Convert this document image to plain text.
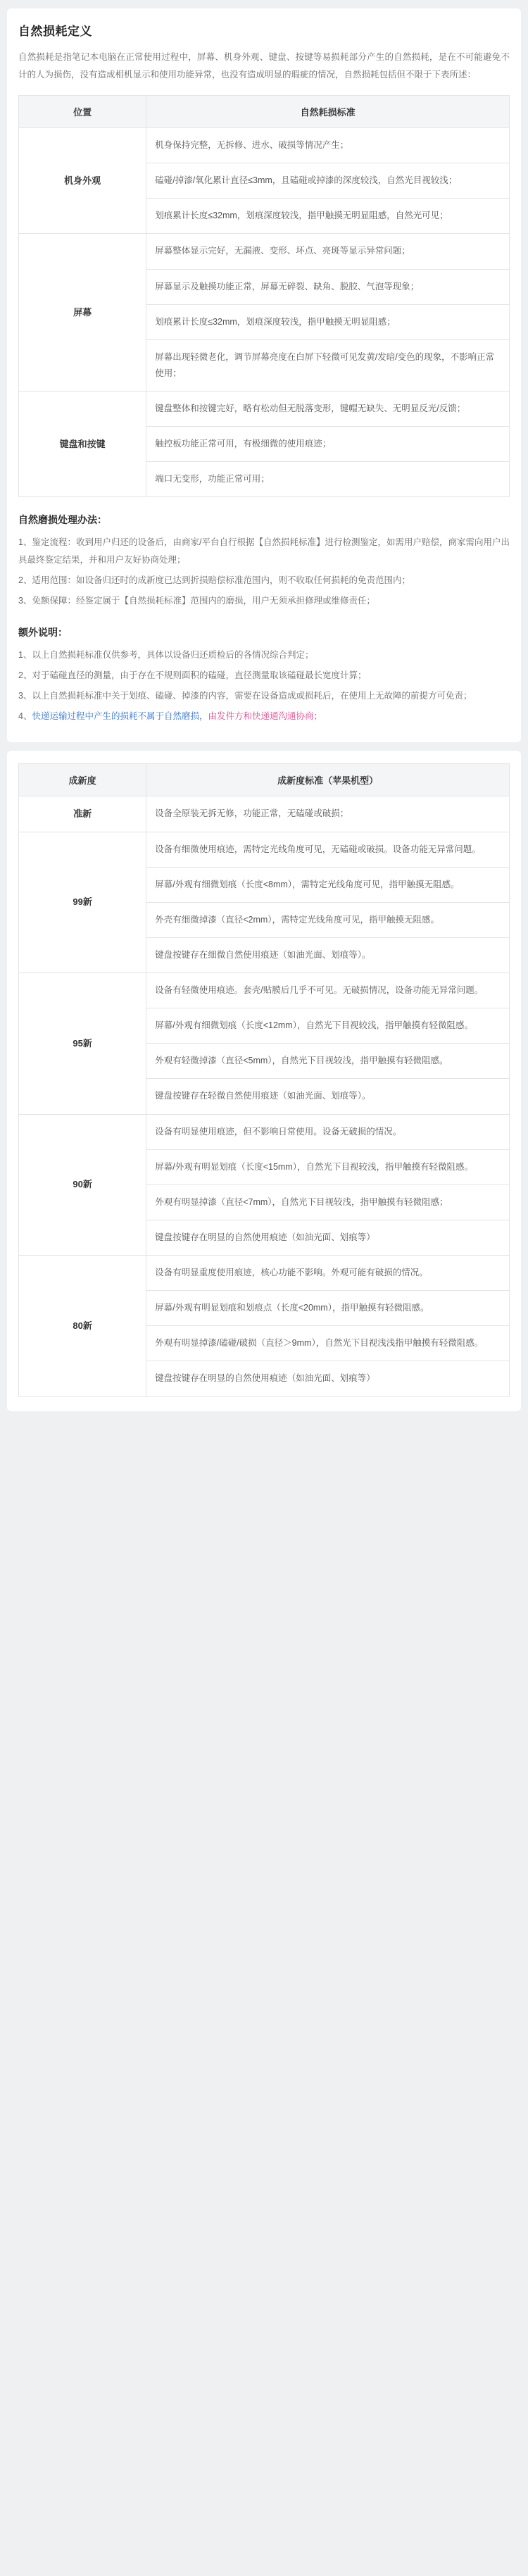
自然损耗定义

自然损耗是指笔记本电脑在正常使用过程中，屏幕、机身外观、键盘、按键等易损耗部分产生的自然损耗，是在不可能避免不计的人为损伤，没有造成相机显示和使用功能异常，也没有造成明显的瑕疵的情况，自然损耗包括但不限于下表所述：

位置	自然耗损标准
机身外观	机身保持完整，无拆修、进水、破损等情况产生；
	磕碰/掉漆/氧化累计直径≤3mm，且磕碰或掉漆的深度较浅，自然光目视较浅；
	划痕累计长度≤32mm，划痕深度较浅，指甲触摸无明显阻感，自然光可见；
屏幕	屏幕整体显示完好，无漏液、变形、坏点、亮斑等显示异常问题；
	屏幕显示及触摸功能正常，屏幕无碎裂、缺角、脱胶、气泡等现象；
	划痕累计长度≤32mm，划痕深度较浅，指甲触摸无明显阻感；
	屏幕出现轻微老化，调节屏幕亮度在白屏下轻微可见发黄/发暗/变色的现象，不影响正常使用；
键盘和按键	键盘整体和按键完好，略有松动但无脱落变形，键帽无缺失、无明显反光/反馈；
	触控板功能正常可用，有极细微的使用痕迹；
	端口无变形，功能正常可用；
自然磨损处理办法：
1、鉴定流程：收到用户归还的设备后，由商家/平台自行根据【自然损耗标准】进行检测鉴定，如需用户赔偿，商家需向用户出具最终鉴定结果，并和用户友好协商处理；
2、适用范围：如设备归还时的成新度已达到折损赔偿标准范围内，则不收取任何损耗的免责范围内；
3、免额保障：经鉴定属于【自然损耗标准】范围内的磨损，用户无须承担修理或维修责任；
额外说明：
1、以上自然损耗标准仅供参考，具体以设备归还质检后的各情况综合判定；
2、对于磕碰直径的测量，由于存在不规则面积的磕碰，直径测量取该磕碰最长宽度计算；
3、以上自然损耗标准中关于划痕、磕碰、掉漆的内容，需要在设备造成或损耗后，在使用上无故障的前提方可免责；
4、快递运输过程中产生的损耗不属于自然磨损，由发件方和快递通沟通协商；
成新度	成新度标准（苹果机型）
准新	设备全原装无拆无修，功能正常，无磕碰或破损；
99新	设备有细微使用痕迹，需特定光线角度可见，无磕碰或破损。设备功能无异常问题。
	屏幕/外观有细微划痕（长度<8mm），需特定光线角度可见，指甲触摸无阻感。
	外壳有细微掉漆（直径<2mm），需特定光线角度可见，指甲触摸无阻感。
	键盘按键存在细微自然使用痕迹（如油光面、划痕等）。
95新	设备有轻微使用痕迹。套壳/贴膜后几乎不可见。无破损情况，设备功能无异常问题。
	屏幕/外观有细微划痕（长度<12mm），自然光下目视较浅，指甲触摸有轻微阻感。
	外观有轻微掉漆（直径<5mm），自然光下目视较浅，指甲触摸有轻微阻感。
	键盘按键存在轻微自然使用痕迹（如油光面、划痕等）。
90新	设备有明显使用痕迹，但不影响日常使用。设备无破损的情况。
	屏幕/外观有明显划痕（长度<15mm），自然光下目视较浅，指甲触摸有轻微阻感。
	外观有明显掉漆（直径<7mm），自然光下目视较浅，指甲触摸有轻微阻感；
	键盘按键存在明显的自然使用痕迹（如油光面、划痕等）
80新	设备有明显重度使用痕迹，核心功能不影响。外观可能有破损的情况。
	屏幕/外观有明显划痕和划痕点（长度<20mm），指甲触摸有轻微阻感。
	外观有明显掉漆/磕碰/破损（直径＞9mm），自然光下目视浅浅指甲触摸有轻微阻感。
	键盘按键存在明显的自然使用痕迹（如油光面、划痕等）
